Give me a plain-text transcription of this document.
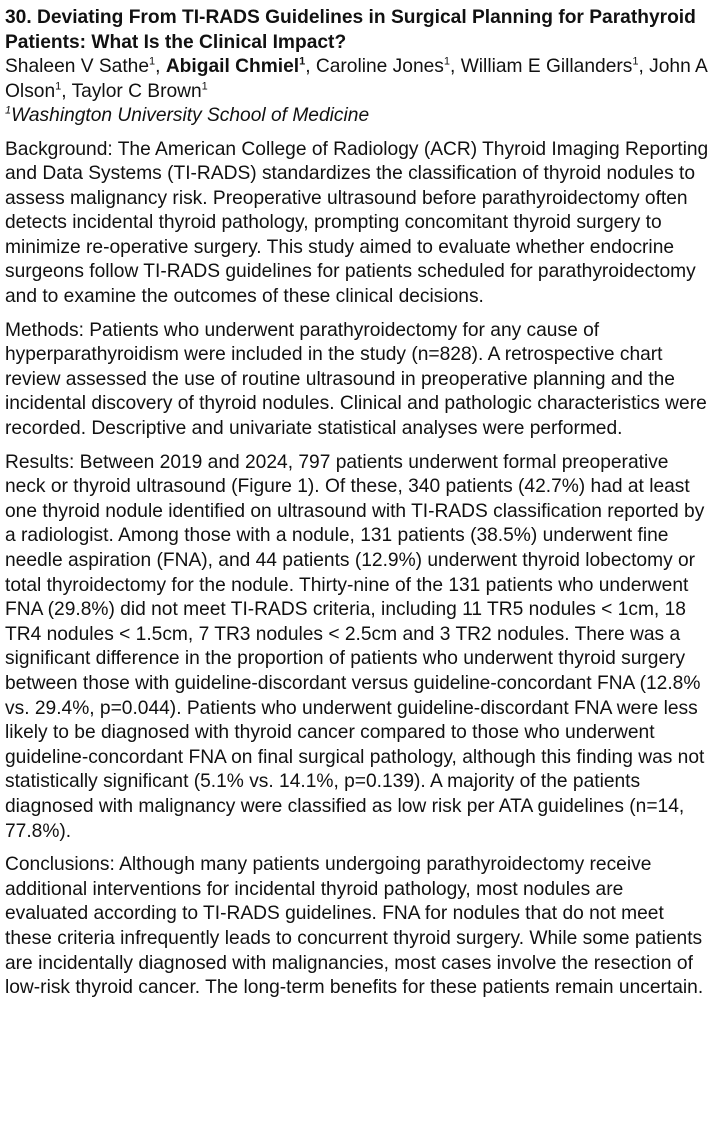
30. Deviating From TI-RADS Guidelines in Surgical Planning for Parathyroid Patients: What Is the Clinical Impact?

Shaleen V Sathe$^1$, Abigail Chmiel$^1$, Caroline Jones$^1$, William E Gillanders$^1$, John A Olson$^1$, Taylor C Brown$^1$

$^1$Washington University School of Medicine

Background: The American College of Radiology (ACR) Thyroid Imaging Reporting and Data Systems (TI-RADS) standardizes the classification of thyroid nodules to assess malignancy risk. Preoperative ultrasound before parathyroidectomy often detects incidental thyroid pathology, prompting concomitant thyroid surgery to minimize re-operative surgery. This study aimed to evaluate whether endocrine surgeons follow TI-RADS guidelines for patients scheduled for parathyroidectomy and to examine the outcomes of these clinical decisions.

Methods: Patients who underwent parathyroidectomy for any cause of hyperparathyroidism were included in the study (n=828). A retrospective chart review assessed the use of routine ultrasound in preoperative planning and the incidental discovery of thyroid nodules. Clinical and pathologic characteristics were recorded. Descriptive and univariate statistical analyses were performed.

Results: Between 2019 and 2024, 797 patients underwent formal preoperative neck or thyroid ultrasound (Figure 1). Of these, 340 patients (42.7%) had at least one thyroid nodule identified on ultrasound with TI-RADS classification reported by a radiologist. Among those with a nodule, 131 patients (38.5%) underwent fine needle aspiration (FNA), and 44 patients (12.9%) underwent thyroid lobectomy or total thyroidectomy for the nodule. Thirty-nine of the 131 patients who underwent FNA (29.8%) did not meet TI-RADS criteria, including 11 TR5 nodules < 1cm, 18 TR4 nodules < 1.5cm, 7 TR3 nodules < 2.5cm and 3 TR2 nodules. There was a significant difference in the proportion of patients who underwent thyroid surgery between those with guideline-discordant versus guideline-concordant FNA (12.8% vs. 29.4%, p=0.044). Patients who underwent guideline-discordant FNA were less likely to be diagnosed with thyroid cancer compared to those who underwent guideline-concordant FNA on final surgical pathology, although this finding was not statistically significant (5.1% vs. 14.1%, p=0.139). A majority of the patients diagnosed with malignancy were classified as low risk per ATA guidelines (n=14, 77.8%).

Conclusions: Although many patients undergoing parathyroidectomy receive additional interventions for incidental thyroid pathology, most nodules are evaluated according to TI-RADS guidelines. FNA for nodules that do not meet these criteria infrequently leads to concurrent thyroid surgery. While some patients are incidentally diagnosed with malignancies, most cases involve the resection of low-risk thyroid cancer. The long-term benefits for these patients remain uncertain.
